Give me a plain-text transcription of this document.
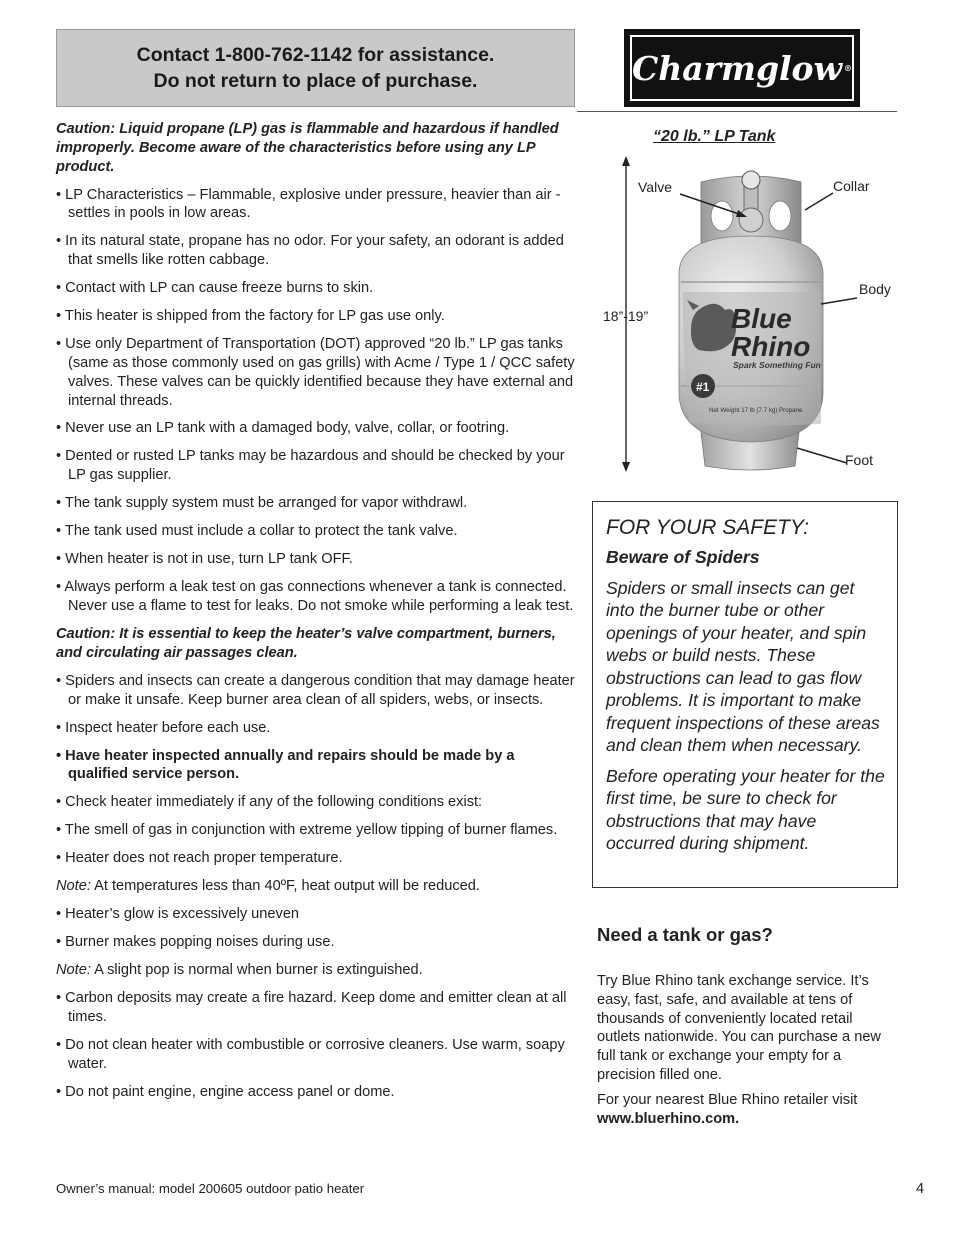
Contact 1-800-762-1142 for assistance.
Do not return to place of purchase.	Charmglow ®

Caution: Liquid propane (LP) gas is flammable and hazardous if handled improperly. Become aware of the characteristics before using any LP product.

• LP Characteristics – Flammable, explosive under pressure, heavier than air - settles in pools in low areas.

• In its natural state, propane has no odor. For your safety, an odorant is added that smells like rotten cabbage.

• Contact with LP can cause freeze burns to skin.

• This heater is shipped from the factory for LP gas use only.

• Use only Department of Transportation (DOT) approved “20 lb.” LP gas tanks (same as those commonly used on gas grills) with Acme / Type 1 / QCC safety valves. These valves can be quickly identified because they have external and internal threads.

• Never use an LP tank with a damaged body, valve, collar, or footring.

• Dented or rusted LP tanks may be hazardous and should be checked by your LP gas supplier.

• The tank supply system must be arranged for vapor withdrawl.

• The tank used must include a collar to protect the tank valve.

• When heater is not in use, turn LP tank OFF.

• Always perform a leak test on gas connections whenever a tank is connected. Never use a flame to test for leaks. Do not smoke while performing a leak test.

Caution: It is essential to keep the heater’s valve compartment, burners, and circulating air passages clean.

• Spiders and insects can create a dangerous condition that may damage heater or make it unsafe. Keep burner area clean of all spiders, webs, or insects.

• Inspect heater before each use.

• Have heater inspected annually and repairs should be made by a qualified service person.

• Check heater immediately if any of the following conditions exist:

• The smell of gas in conjunction with extreme yellow tipping of burner flames.

• Heater does not reach proper temperature.

Note: At temperatures less than 40ºF, heat output will be reduced.

• Heater’s glow is excessively uneven

• Burner makes popping noises during use.

Note: A slight pop is normal when burner is extinguished.

• Carbon deposits may create a fire hazard. Keep dome and emitter clean at all times.

• Do not clean heater with combustible or corrosive cleaners. Use warm, soapy water.

• Do not paint engine, engine access panel or dome.

“20 lb.” LP Tank
Blue
Rhino
Spark Something Fun
#1
Net Weight 17 lb (7.7 kg) Propane
Valve	Collar
Body
18”-19”
Foot
FOR YOUR SAFETY:
Beware of Spiders

Spiders or small insects can get into the burner tube or other openings of your heater, and spin webs or build nests. These obstructions can lead to gas flow problems. It is important to make frequent inspections of these areas and clean them when necessary.

Before operating your heater for the first time, be sure to check for obstructions that may have occurred during shipment.

Need a tank or gas?

Try Blue Rhino tank exchange service. It’s easy, fast, safe, and available at tens of thousands of conveniently located retail outlets nationwide. You can purchase a new full tank or exchange your empty for a precision filled one.

For your nearest Blue Rhino retailer visit www.bluerhino.com.

Owner’s manual: model 200605 outdoor patio heater	4
